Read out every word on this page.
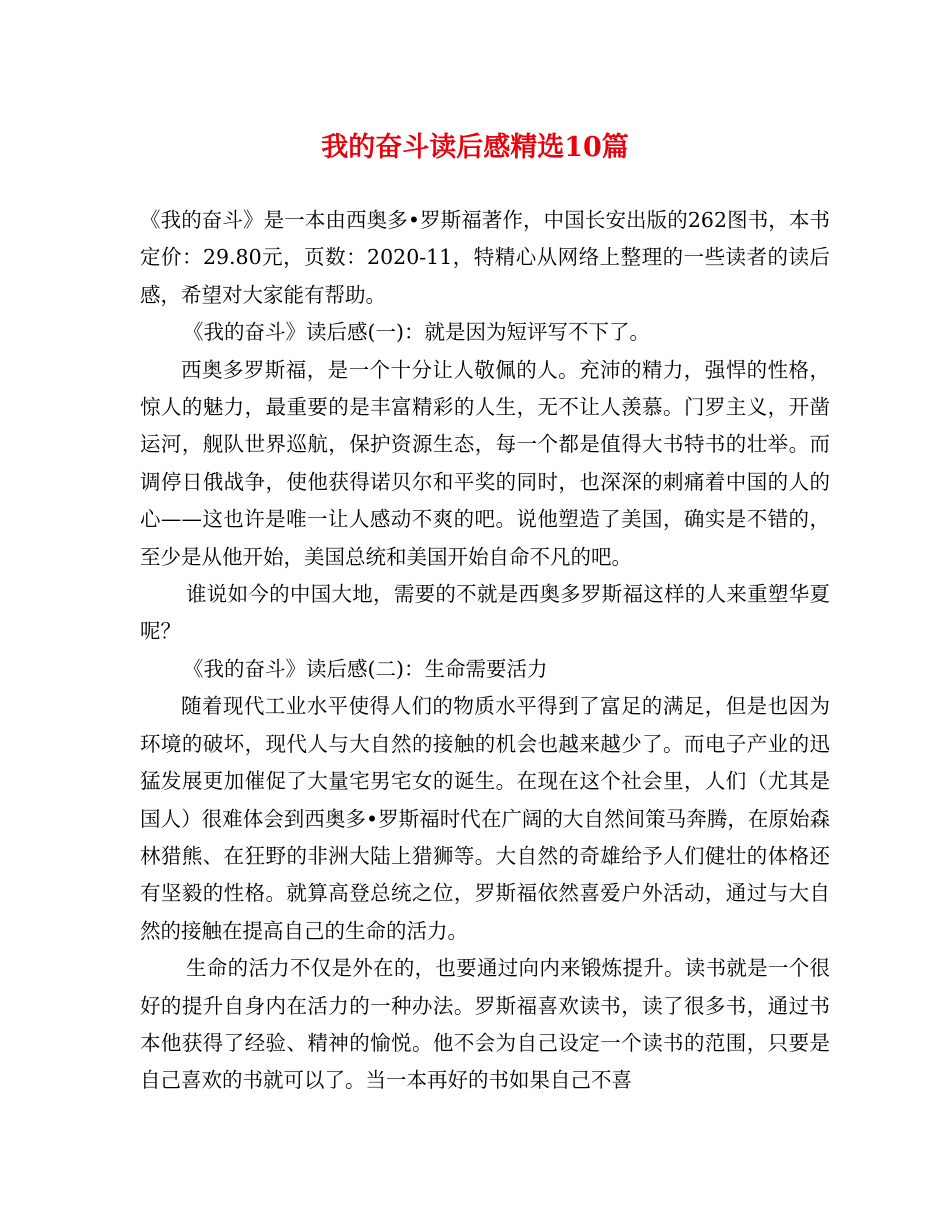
我的奋斗读后感精选10篇

《我的奋斗》是一本由西奥多•罗斯福著作，中国长安出版的262图书，本书定价：29.80元，页数：2020-11，特精心从网络上整理的一些读者的读后感，希望对大家能有帮助。

《我的奋斗》读后感(一)：就是因为短评写不下了。

西奥多罗斯福，是一个十分让人敬佩的人。充沛的精力，强悍的性格，惊人的魅力，最重要的是丰富精彩的人生，无不让人羡慕。门罗主义，开凿运河，舰队世界巡航，保护资源生态，每一个都是值得大书特书的壮举。而调停日俄战争，使他获得诺贝尔和平奖的同时，也深深的刺痛着中国的人的心——这也许是唯一让人感动不爽的吧。说他塑造了美国，确实是不错的，至少是从他开始，美国总统和美国开始自命不凡的吧。

谁说如今的中国大地，需要的不就是西奥多罗斯福这样的人来重塑华夏呢？

《我的奋斗》读后感(二)：生命需要活力

随着现代工业水平使得人们的物质水平得到了富足的满足，但是也因为环境的破坏，现代人与大自然的接触的机会也越来越少了。而电子产业的迅猛发展更加催促了大量宅男宅女的诞生。在现在这个社会里，人们（尤其是国人）很难体会到西奥多•罗斯福时代在广阔的大自然间策马奔腾，在原始森林猎熊、在狂野的非洲大陆上猎狮等。大自然的奇雄给予人们健壮的体格还有坚毅的性格。就算高登总统之位，罗斯福依然喜爱户外活动，通过与大自然的接触在提高自己的生命的活力。

生命的活力不仅是外在的，也要通过向内来锻炼提升。读书就是一个很好的提升自身内在活力的一种办法。罗斯福喜欢读书，读了很多书，通过书本他获得了经验、精神的愉悦。他不会为自己设定一个读书的范围，只要是自己喜欢的书就可以了。当一本再好的书如果自己不喜
